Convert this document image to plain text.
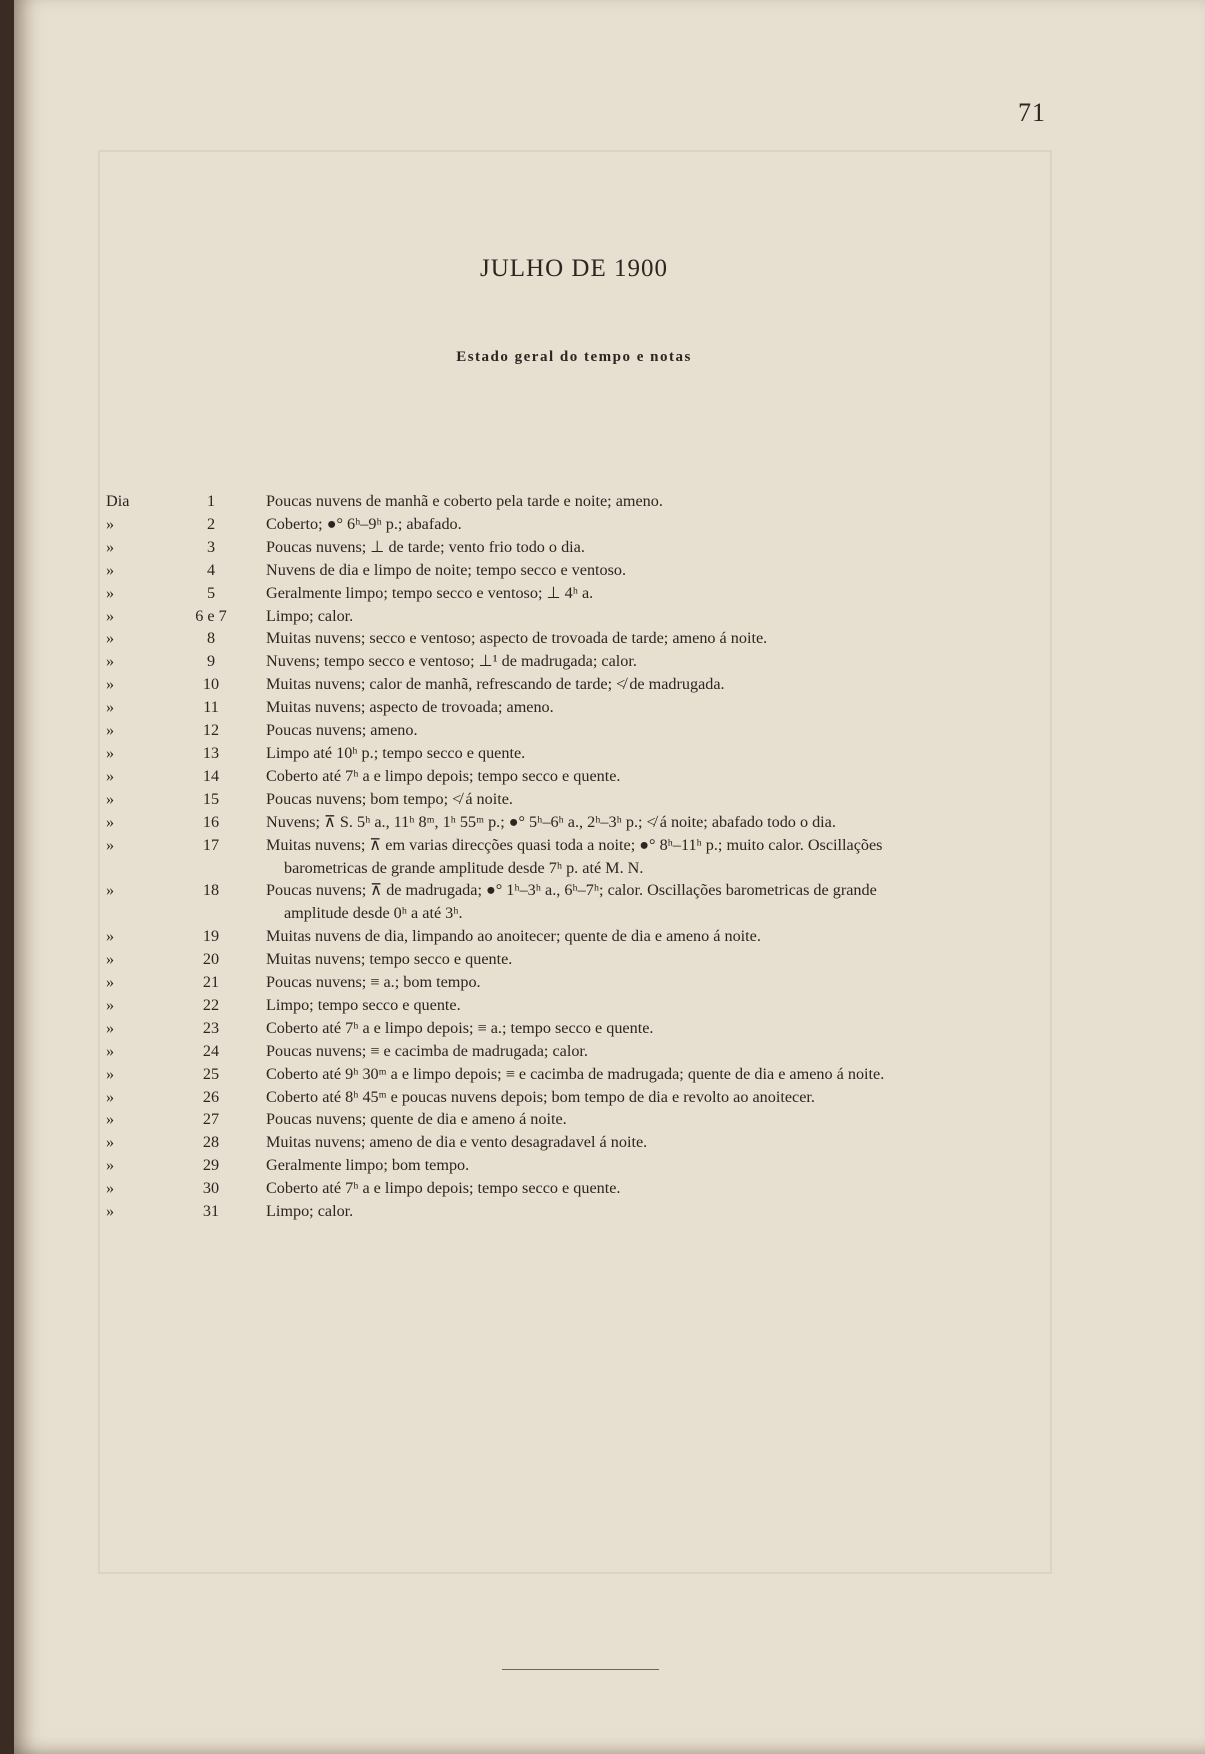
71
JULHO DE 1900
Estado geral do tempo e notas
Dia	1	Poucas nuvens de manhã e coberto pela tarde e noite; ameno.
»	2	Coberto; ●° 6ʰ–9ʰ p.; abafado.
»	3	Poucas nuvens; ⊥ de tarde; vento frio todo o dia.
»	4	Nuvens de dia e limpo de noite; tempo secco e ventoso.
»	5	Geralmente limpo; tempo secco e ventoso; ⊥ 4ʰ a.
»	6 e 7	Limpo; calor.
»	8	Muitas nuvens; secco e ventoso; aspecto de trovoada de tarde; ameno á noite.
»	9	Nuvens; tempo secco e ventoso; ⊥¹ de madrugada; calor.
»	10	Muitas nuvens; calor de manhã, refrescando de tarde; ≮ de madrugada.
»	11	Muitas nuvens; aspecto de trovoada; ameno.
»	12	Poucas nuvens; ameno.
»	13	Limpo até 10ʰ p.; tempo secco e quente.
»	14	Coberto até 7ʰ a e limpo depois; tempo secco e quente.
»	15	Poucas nuvens; bom tempo; ≮ á noite.
»	16	Nuvens; ⊼ S. 5ʰ a., 11ʰ 8ᵐ, 1ʰ 55ᵐ p.; ●° 5ʰ–6ʰ a., 2ʰ–3ʰ p.; ≮ á noite; abafado todo o dia.
»	17	Muitas nuvens; ⊼ em varias direcções quasi toda a noite; ●° 8ʰ–11ʰ p.; muito calor. Oscillações
barometricas de grande amplitude desde 7ʰ p. até M. N.
»	18	Poucas nuvens; ⊼ de madrugada; ●° 1ʰ–3ʰ a., 6ʰ–7ʰ; calor. Oscillações barometricas de grande
amplitude desde 0ʰ a até 3ʰ.
»	19	Muitas nuvens de dia, limpando ao anoitecer; quente de dia e ameno á noite.
»	20	Muitas nuvens; tempo secco e quente.
»	21	Poucas nuvens; ≡ a.; bom tempo.
»	22	Limpo; tempo secco e quente.
»	23	Coberto até 7ʰ a e limpo depois; ≡ a.; tempo secco e quente.
»	24	Poucas nuvens; ≡ e cacimba de madrugada; calor.
»	25	Coberto até 9ʰ 30ᵐ a e limpo depois; ≡ e cacimba de madrugada; quente de dia e ameno á noite.
»	26	Coberto até 8ʰ 45ᵐ e poucas nuvens depois; bom tempo de dia e revolto ao anoitecer.
»	27	Poucas nuvens; quente de dia e ameno á noite.
»	28	Muitas nuvens; ameno de dia e vento desagradavel á noite.
»	29	Geralmente limpo; bom tempo.
»	30	Coberto até 7ʰ a e limpo depois; tempo secco e quente.
»	31	Limpo; calor.
